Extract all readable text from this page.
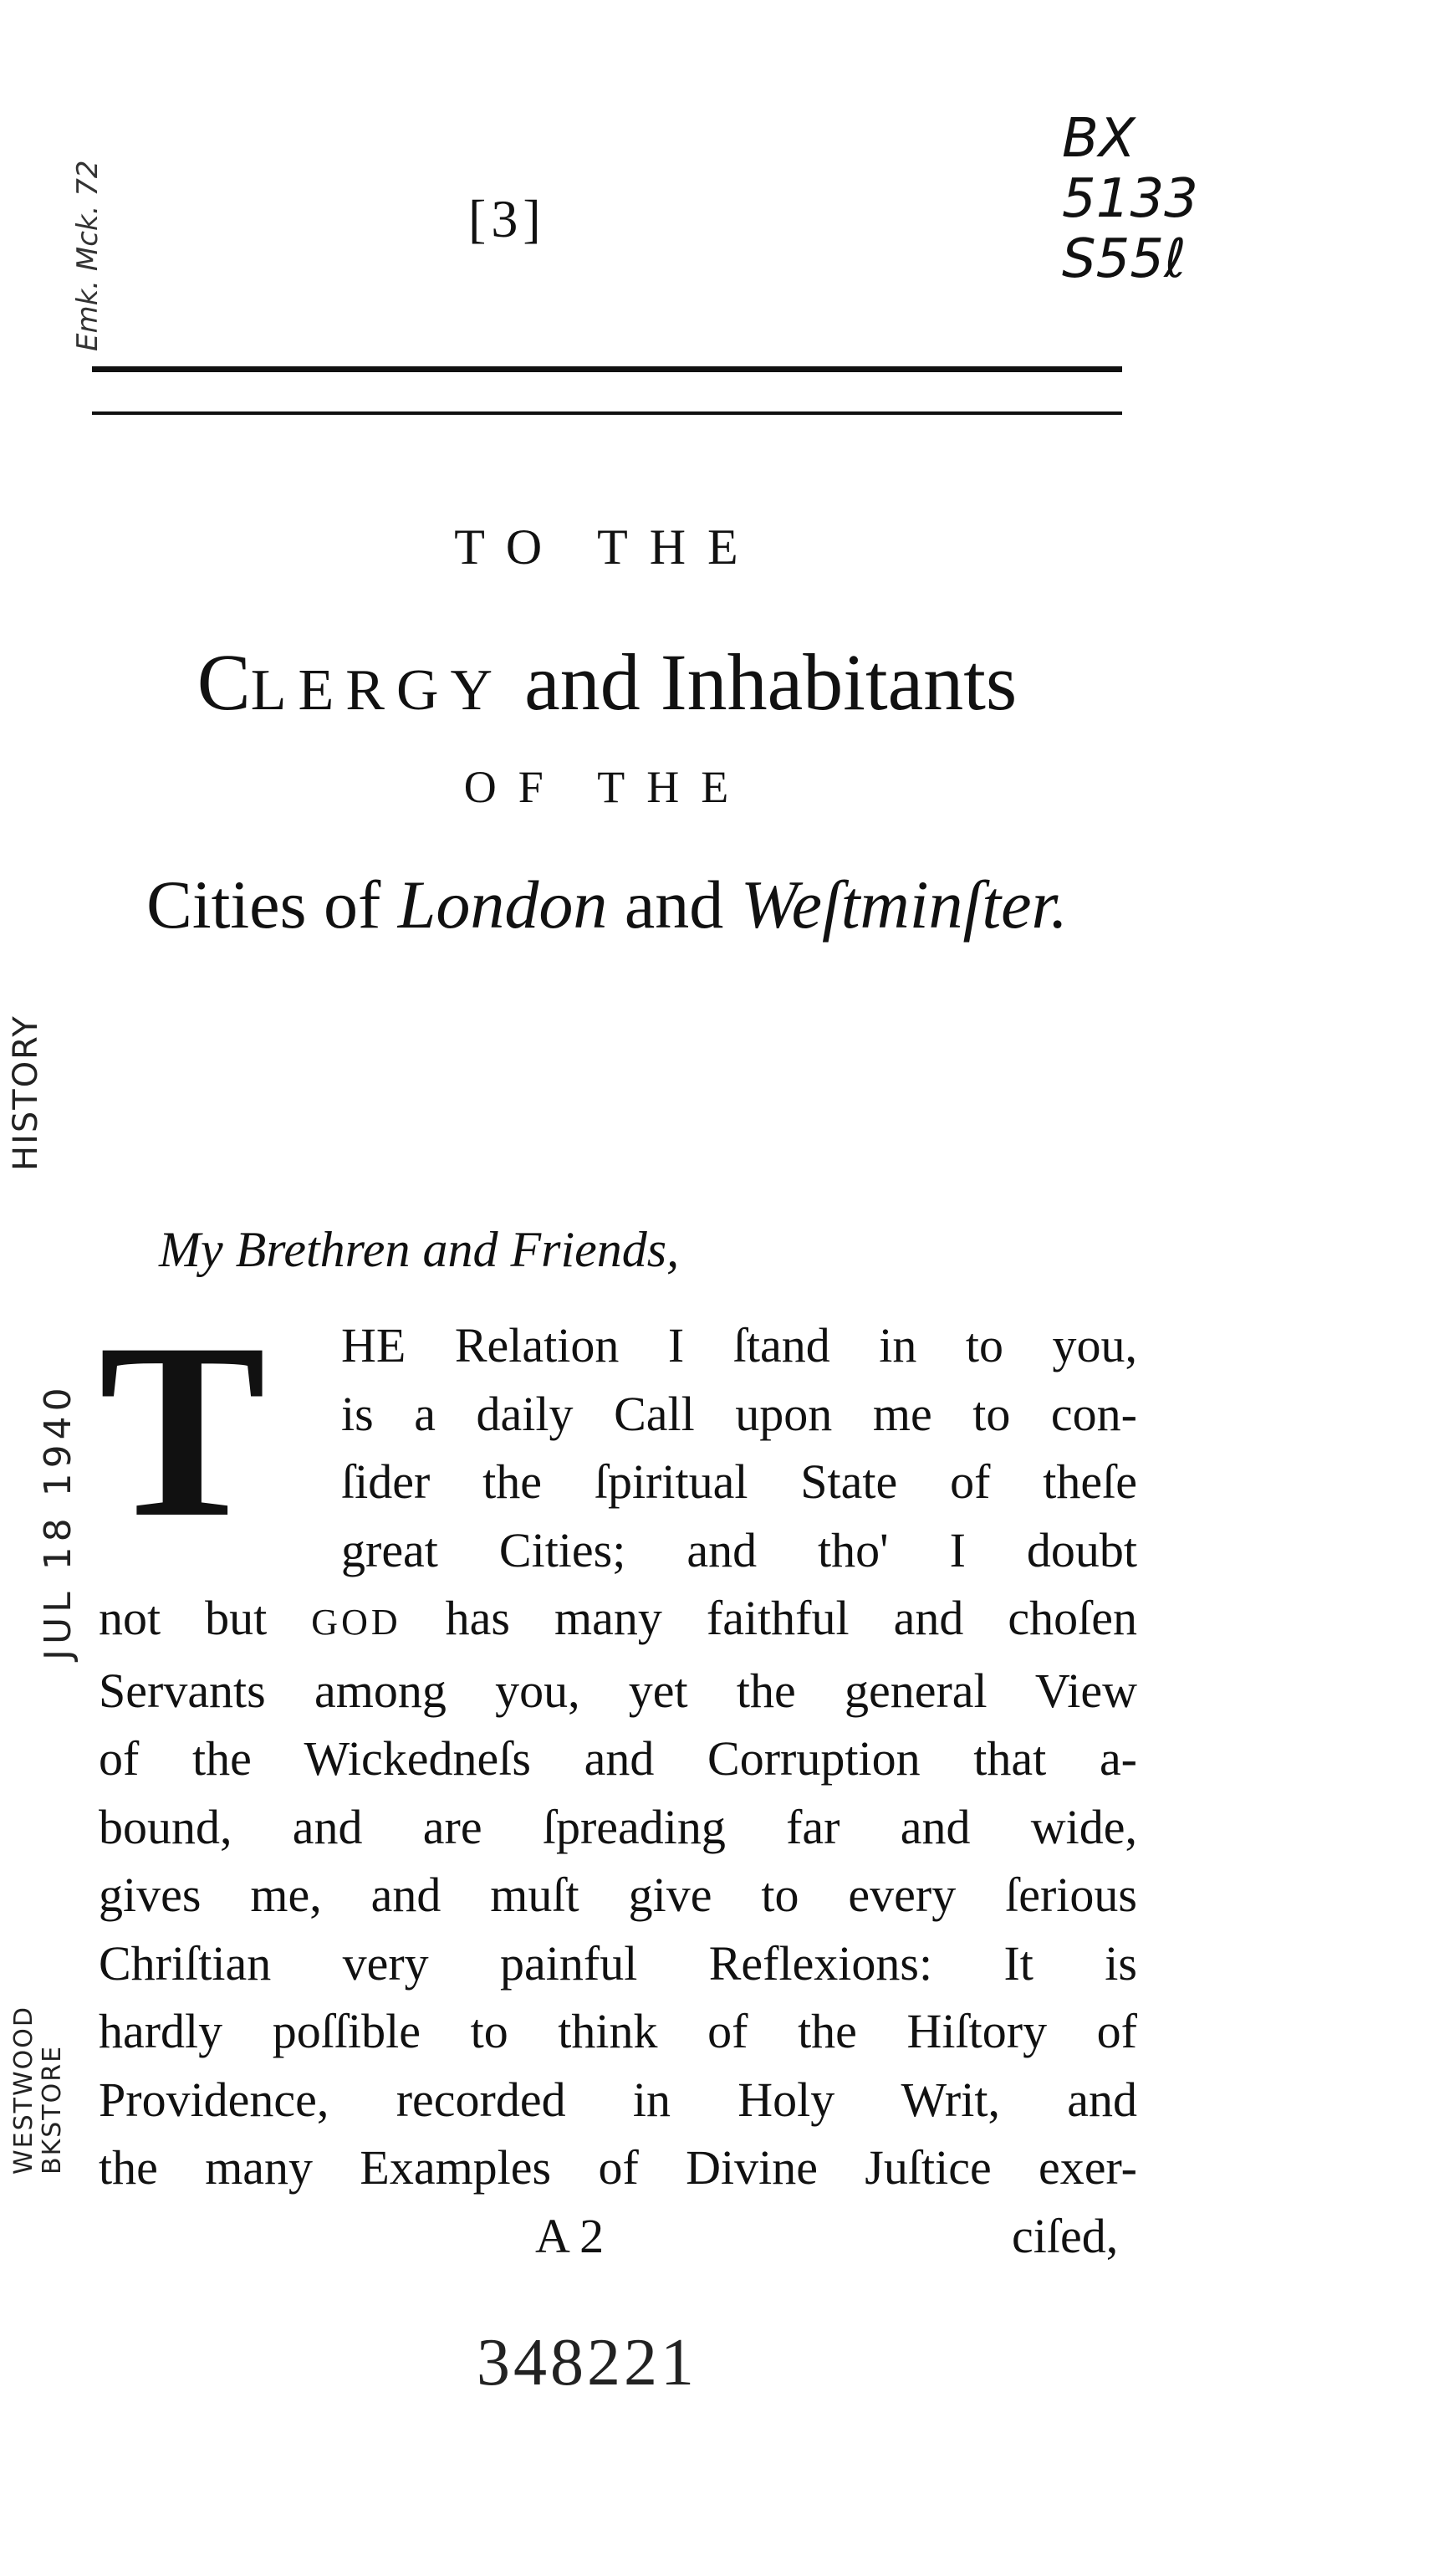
Emk. Mck. 72	[3]
BX
5133
S55ℓ
TO THE
CLERGY and Inhabitants
OF THE
Cities of London and Weſtminſter.
My Brethren and Friends,
T	HE Relation I ſtand in to you,
is a daily Call upon me to con-
ſider the ſpiritual State of theſe
great Cities; and tho' I doubt
not but GOD has many faithful and choſen
Servants among you, yet the general View
of the Wickedneſs and Corruption that a-
bound, and are ſpreading far and wide,
gives me, and muſt give to every ſerious
Chriſtian very painful Reflexions: It is
hardly poſſible to think of the Hiſtory of
Providence, recorded in Holy Writ, and
the many Examples of Divine Juſtice exer-
A 2	ciſed,
348221
HISTORY
JUL 18 1940
WESTWOOD BKSTORE
